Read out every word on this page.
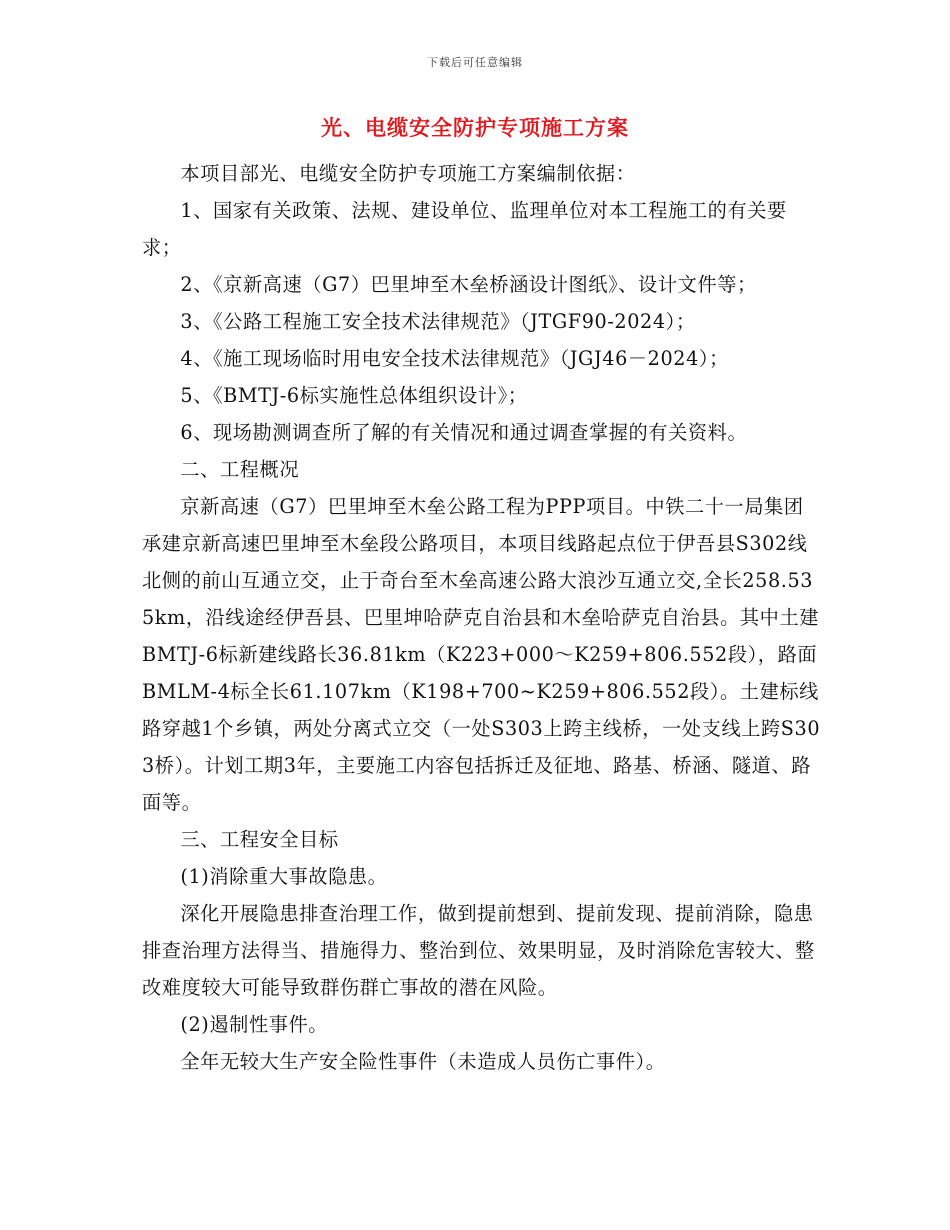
下载后可任意编辑
光、电缆安全防护专项施工方案

本项目部光、电缆安全防护专项施工方案编制依据：

1、国家有关政策、法规、建设单位、监理单位对本工程施工的有关要求；

2、《京新高速（G7）巴里坤至木垒桥涵设计图纸》、设计文件等；

3、《公路工程施工安全技术法律规范》（JTGF90-2024）；

4、《施工现场临时用电安全技术法律规范》（JGJ46－2024）；

5、《BMTJ-6标实施性总体组织设计》；

6、现场勘测调查所了解的有关情况和通过调查掌握的有关资料。

二、工程概况

京新高速（G7）巴里坤至木垒公路工程为PPP项目。中铁二十一局集团承建京新高速巴里坤至木垒段公路项目，本项目线路起点位于伊吾县S302线北侧的前山互通立交，止于奇台至木垒高速公路大浪沙互通立交,全长258.535km，沿线途经伊吾县、巴里坤哈萨克自治县和木垒哈萨克自治县。其中土建BMTJ-6标新建线路长36.81km（K223+000～K259+806.552段），路面BMLM-4标全长61.107km（K198+700~K259+806.552段）。土建标线路穿越1个乡镇，两处分离式立交（一处S303上跨主线桥，一处支线上跨S303桥）。计划工期3年，主要施工内容包括拆迁及征地、路基、桥涵、隧道、路面等。

三、工程安全目标

(1)消除重大事故隐患。

深化开展隐患排查治理工作，做到提前想到、提前发现、提前消除，隐患排查治理方法得当、措施得力、整治到位、效果明显，及时消除危害较大、整改难度较大可能导致群伤群亡事故的潜在风险。

(2)遏制性事件。

全年无较大生产安全险性事件（未造成人员伤亡事件）。
